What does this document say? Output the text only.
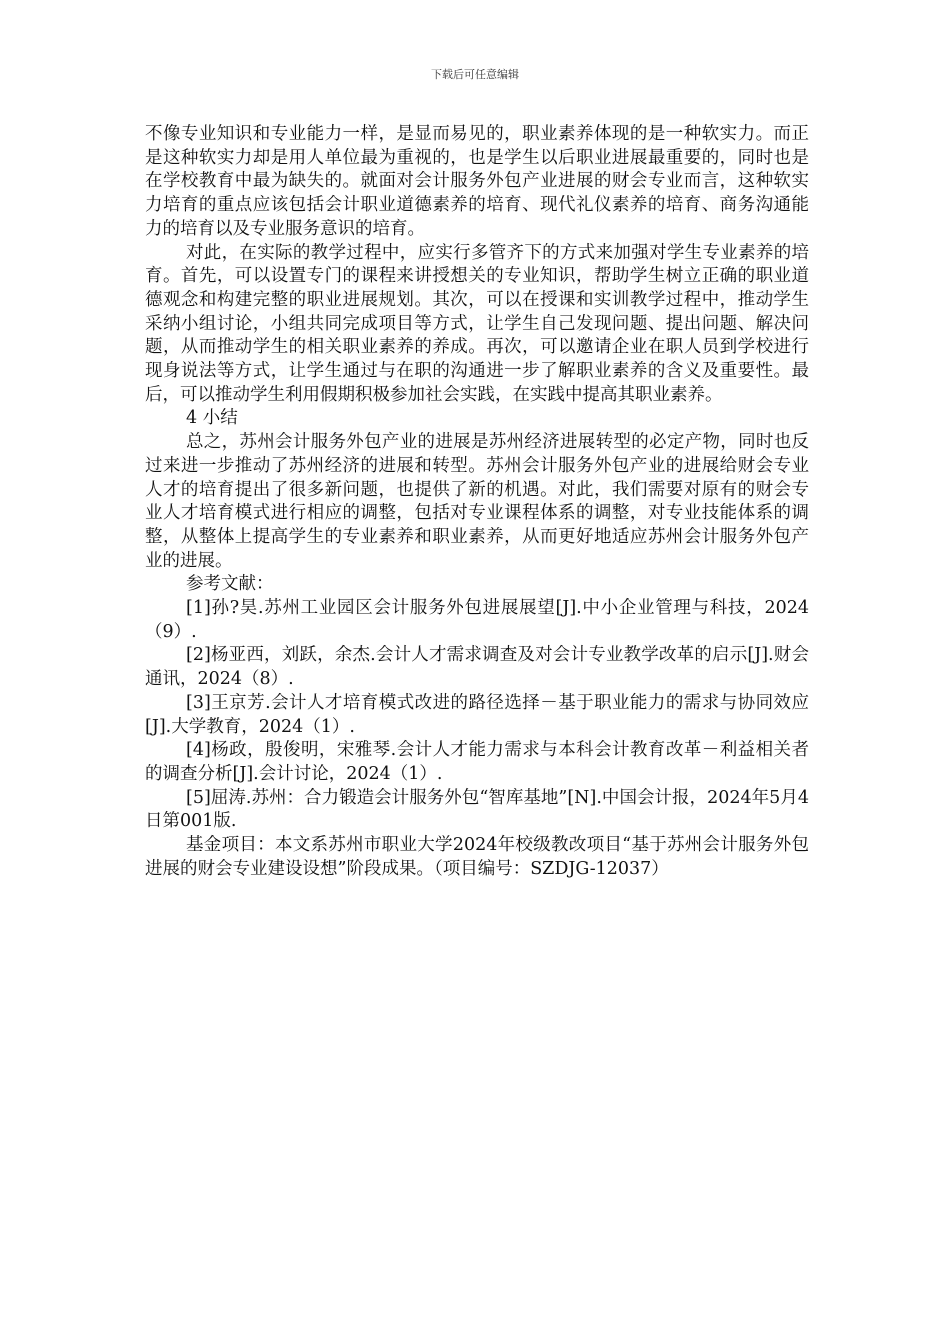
下载后可任意编辑

不像专业知识和专业能力一样，是显而易见的，职业素养体现的是一种软实力。而正是这种软实力却是用人单位最为重视的，也是学生以后职业进展最重要的，同时也是在学校教育中最为缺失的。就面对会计服务外包产业进展的财会专业而言，这种软实力培育的重点应该包括会计职业道德素养的培育、现代礼仪素养的培育、商务沟通能力的培育以及专业服务意识的培育。

对此，在实际的教学过程中，应实行多管齐下的方式来加强对学生专业素养的培育。首先，可以设置专门的课程来讲授想关的专业知识，帮助学生树立正确的职业道德观念和构建完整的职业进展规划。其次，可以在授课和实训教学过程中，推动学生采纳小组讨论，小组共同完成项目等方式，让学生自己发现问题、提出问题、解决问题，从而推动学生的相关职业素养的养成。再次，可以邀请企业在职人员到学校进行现身说法等方式，让学生通过与在职的沟通进一步了解职业素养的含义及重要性。最后，可以推动学生利用假期积极参加社会实践，在实践中提高其职业素养。

4 小结

总之，苏州会计服务外包产业的进展是苏州经济进展转型的必定产物，同时也反过来进一步推动了苏州经济的进展和转型。苏州会计服务外包产业的进展给财会专业人才的培育提出了很多新问题，也提供了新的机遇。对此，我们需要对原有的财会专业人才培育模式进行相应的调整，包括对专业课程体系的调整，对专业技能体系的调整，从整体上提高学生的专业素养和职业素养，从而更好地适应苏州会计服务外包产业的进展。

参考文献：

[1]孙?昊.苏州工业园区会计服务外包进展展望[J].中小企业管理与科技，2024（9）.

[2]杨亚西，刘跃，余杰.会计人才需求调查及对会计专业教学改革的启示[J].财会通讯，2024（8）.

[3]王京芳.会计人才培育模式改进的路径选择－基于职业能力的需求与协同效应[J].大学教育，2024（1）.

[4]杨政，殷俊明，宋雅琴.会计人才能力需求与本科会计教育改革－利益相关者的调查分析[J].会计讨论，2024（1）.

[5]屈涛.苏州：合力锻造会计服务外包“智库基地”[N].中国会计报，2024年5月4日第001版.

基金项目：本文系苏州市职业大学2024年校级教改项目“基于苏州会计服务外包进展的财会专业建设设想”阶段成果。（项目编号：SZDJG-12037）
